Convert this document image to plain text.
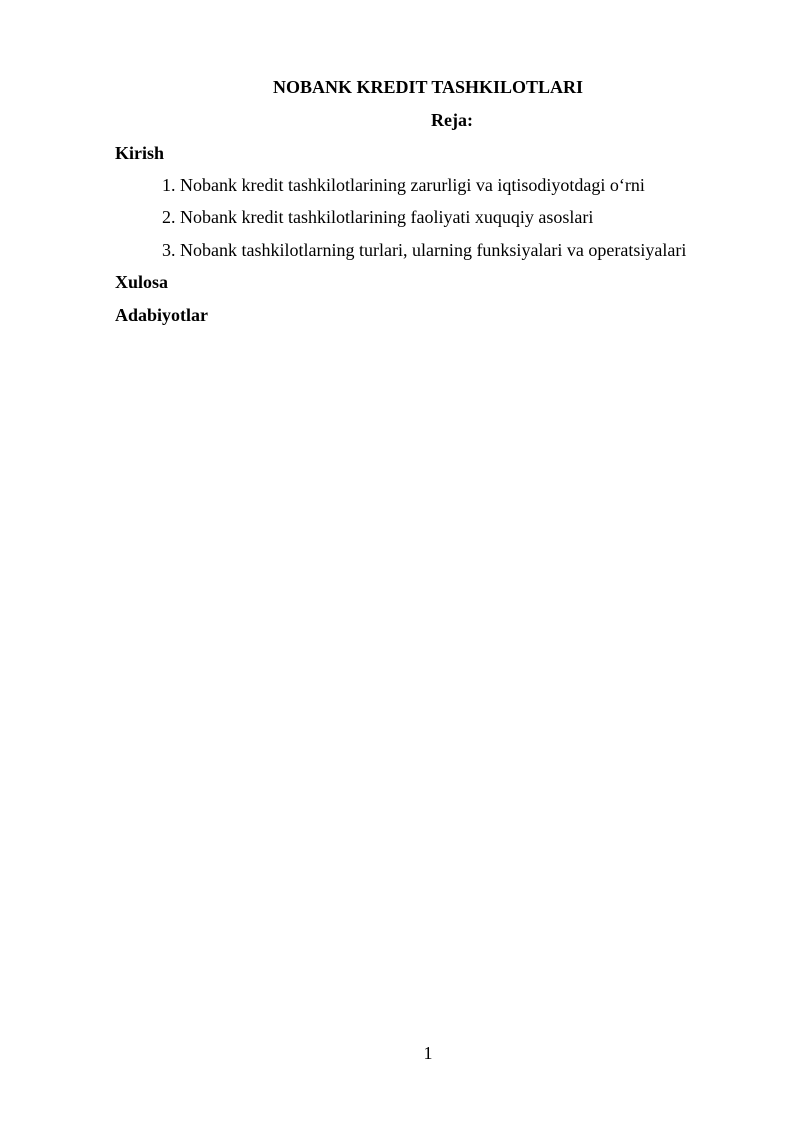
NOBANK KREDIT TASHKILOTLARI
Reja:
Kirish
1. Nobank kredit tashkilotlarining zarurligi va iqtisodiyotdagi o‘rni
2. Nobank kredit tashkilotlarining faoliyati xuquqiy asoslari
3. Nobank tashkilotlarning turlari, ularning funksiyalari va operatsiyalari
Xulosa
Adabiyotlar
1
